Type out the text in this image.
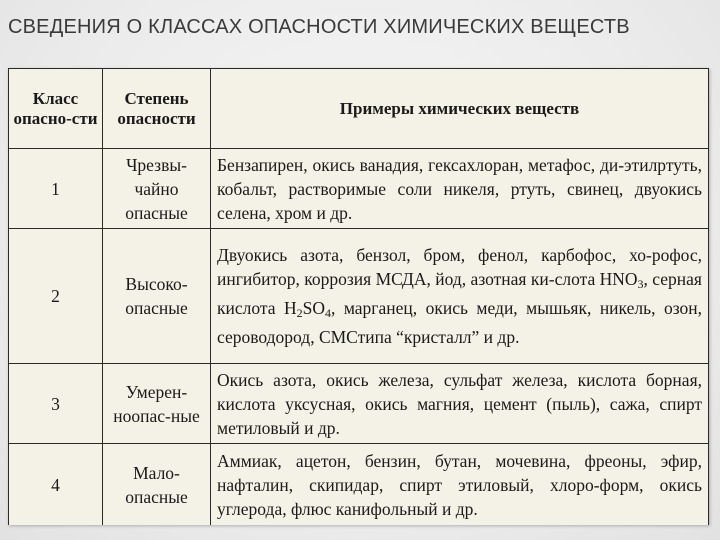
СВЕДЕНИЯ О КЛАССАХ ОПАСНОСТИ ХИМИЧЕСКИХ ВЕЩЕСТВ
Класс опасно-сти	Степень опасности	Примеры химических веществ
1	Чрезвы-чайно опасные	Бензапирен, окись ванадия, гексахлоран, метафос, ди-этилртуть, кобальт, растворимые соли никеля, ртуть, свинец, двуокись селена, хром и др.
2	Высоко-опасные	Двуокись азота, бензол, бром, фенол, карбофос, хо-рофос, ингибитор, коррозия МСДА, йод, азотная ки-слота $HNO_3$, серная кислота $H_2SO_4$, марганец, окись меди, мышьяк, никель, озон, сероводород, СМСтипа “кристалл” и др.
3	Умерен-ноопас-ные	Окись азота, окись железа, сульфат железа, кислота борная, кислота уксусная, окись магния, цемент (пыль), сажа, спирт метиловый и др.
4	Мало-опасные	Аммиак, ацетон, бензин, бутан, мочевина, фреоны, эфир, нафталин, скипидар, спирт этиловый, хлоро-форм, окись углерода, флюс канифольный и др.
